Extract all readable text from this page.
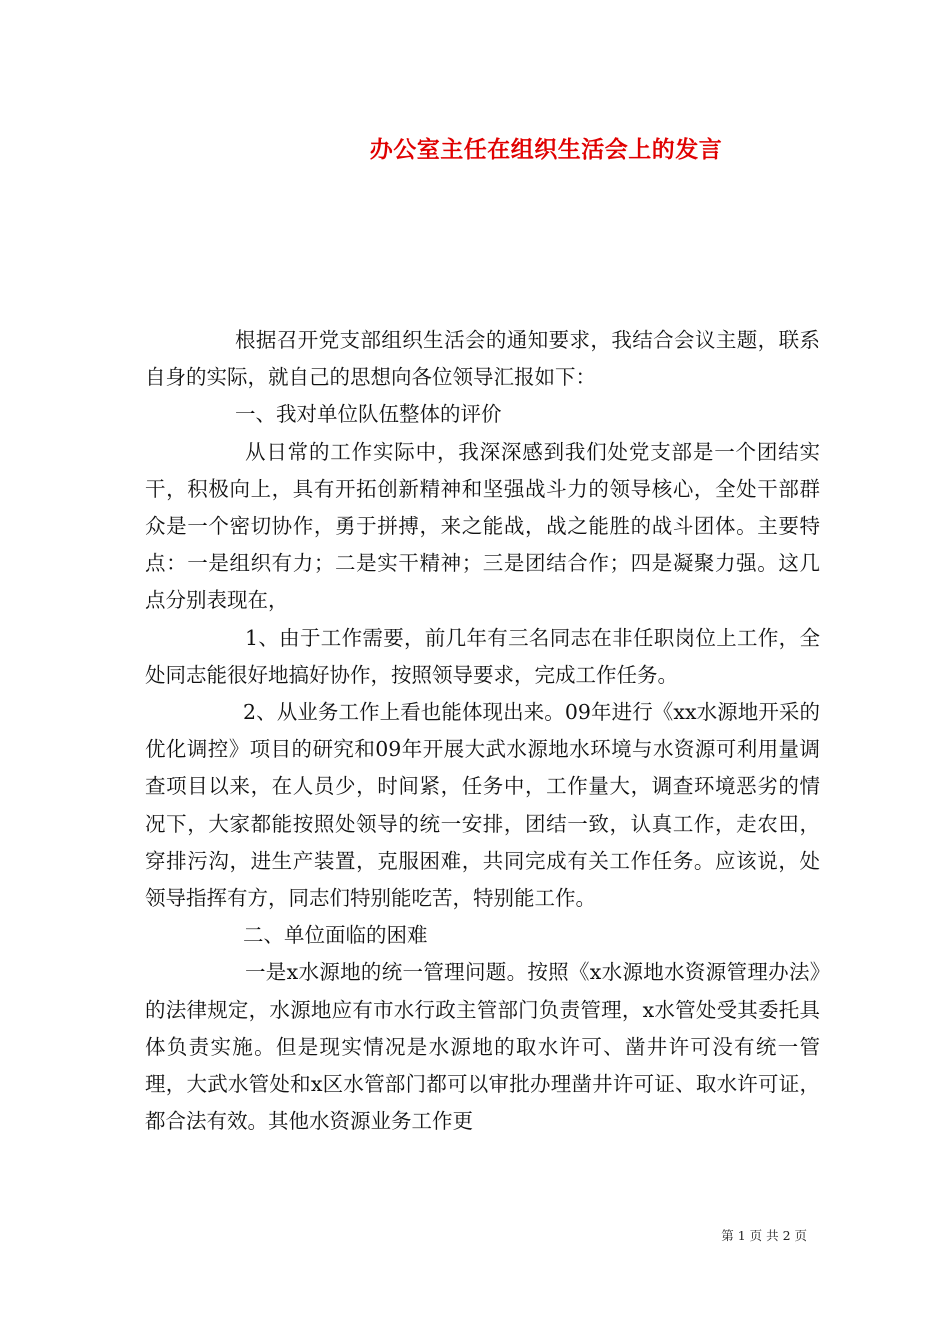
办公室主任在组织生活会上的发言

根据召开党支部组织生活会的通知要求，我结合会议主题，联系自身的实际，就自己的思想向各位领导汇报如下：

一、我对单位队伍整体的评价

从日常的工作实际中，我深深感到我们处党支部是一个团结实干，积极向上，具有开拓创新精神和坚强战斗力的领导核心，全处干部群众是一个密切协作，勇于拼搏，来之能战，战之能胜的战斗团体。主要特点：一是组织有力；二是实干精神；三是团结合作；四是凝聚力强。这几点分别表现在，

1、由于工作需要，前几年有三名同志在非任职岗位上工作，全处同志能很好地搞好协作，按照领导要求，完成工作任务。

2、从业务工作上看也能体现出来。09年进行《xx水源地开采的优化调控》项目的研究和09年开展大武水源地水环境与水资源可利用量调查项目以来，在人员少，时间紧，任务中，工作量大，调查环境恶劣的情况下，大家都能按照处领导的统一安排，团结一致，认真工作，走农田，穿排污沟，进生产装置，克服困难，共同完成有关工作任务。应该说，处领导指挥有方，同志们特别能吃苦，特别能工作。

二、单位面临的困难

一是x水源地的统一管理问题。按照《x水源地水资源管理办法》的法律规定，水源地应有市水行政主管部门负责管理，x水管处受其委托具体负责实施。但是现实情况是水源地的取水许可、凿井许可没有统一管理，大武水管处和x区水管部门都可以审批办理凿井许可证、取水许可证，都合法有效。其他水资源业务工作更

第 1 页 共 2 页
